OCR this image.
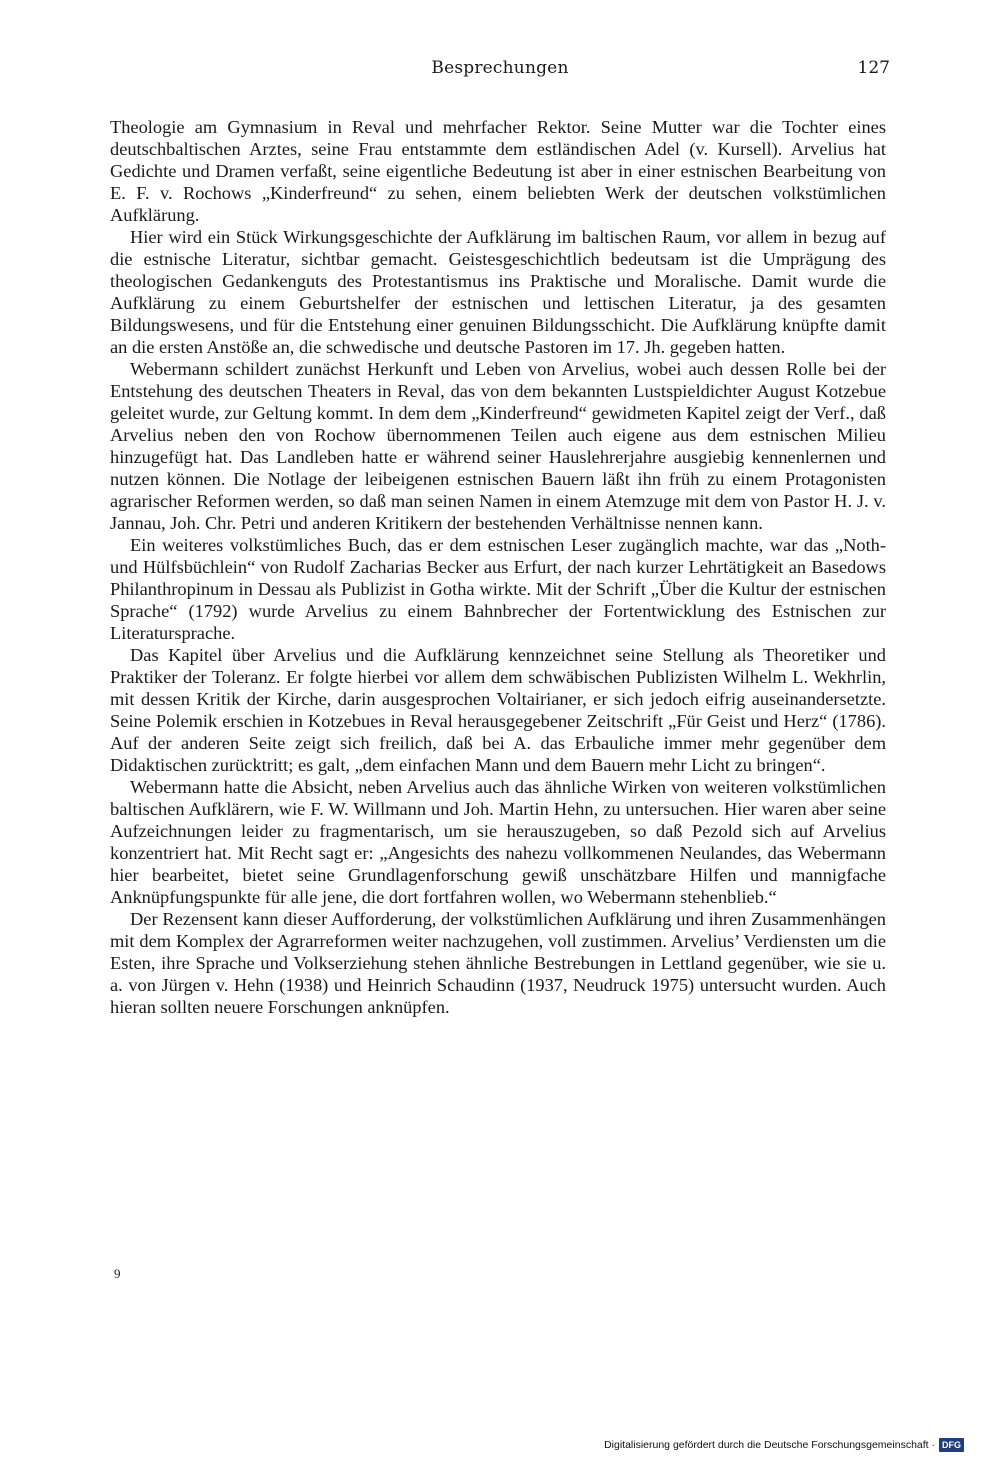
Besprechungen	127

Theologie am Gymnasium in Reval und mehrfacher Rektor. Seine Mutter war die Tochter eines deutschbaltischen Arztes, seine Frau entstammte dem estländischen Adel (v. Kursell). Arvelius hat Gedichte und Dramen verfaßt, seine eigentliche Bedeutung ist aber in einer estnischen Bearbeitung von E. F. v. Rochows „Kinderfreund“ zu sehen, einem beliebten Werk der deutschen volkstümlichen Aufklärung.

Hier wird ein Stück Wirkungsgeschichte der Aufklärung im baltischen Raum, vor allem in bezug auf die estnische Literatur, sichtbar gemacht. Geistesgeschichtlich bedeutsam ist die Umprägung des theologischen Gedankenguts des Protestantismus ins Praktische und Moralische. Damit wurde die Aufklärung zu einem Geburtshelfer der estnischen und lettischen Literatur, ja des gesamten Bildungswesens, und für die Entstehung einer genuinen Bildungsschicht. Die Aufklärung knüpfte damit an die ersten Anstöße an, die schwedische und deutsche Pastoren im 17. Jh. gegeben hatten.

Webermann schildert zunächst Herkunft und Leben von Arvelius, wobei auch dessen Rolle bei der Entstehung des deutschen Theaters in Reval, das von dem bekannten Lustspieldichter August Kotzebue geleitet wurde, zur Geltung kommt. In dem dem „Kinderfreund“ gewidmeten Kapitel zeigt der Verf., daß Arvelius neben den von Rochow übernommenen Teilen auch eigene aus dem estnischen Milieu hinzugefügt hat. Das Landleben hatte er während seiner Hauslehrerjahre ausgiebig kennenlernen und nutzen können. Die Notlage der leibeigenen estnischen Bauern läßt ihn früh zu einem Protagonisten agrarischer Reformen werden, so daß man seinen Namen in einem Atemzuge mit dem von Pastor H. J. v. Jannau, Joh. Chr. Petri und anderen Kritikern der bestehenden Verhältnisse nennen kann.

Ein weiteres volkstümliches Buch, das er dem estnischen Leser zugänglich machte, war das „Noth-und Hülfsbüchlein“ von Rudolf Zacharias Becker aus Erfurt, der nach kurzer Lehrtätigkeit an Basedows Philanthropinum in Dessau als Publizist in Gotha wirkte. Mit der Schrift „Über die Kultur der estnischen Sprache“ (1792) wurde Arvelius zu einem Bahnbrecher der Fortentwicklung des Estnischen zur Literatursprache.

Das Kapitel über Arvelius und die Aufklärung kennzeichnet seine Stellung als Theoretiker und Praktiker der Toleranz. Er folgte hierbei vor allem dem schwäbischen Publizisten Wilhelm L. Wekhrlin, mit dessen Kritik der Kirche, darin ausgesprochen Voltairianer, er sich jedoch eifrig auseinandersetzte. Seine Polemik erschien in Kotzebues in Reval herausgegebener Zeitschrift „Für Geist und Herz“ (1786). Auf der anderen Seite zeigt sich freilich, daß bei A. das Erbauliche immer mehr gegenüber dem Didaktischen zurücktritt; es galt, „dem einfachen Mann und dem Bauern mehr Licht zu bringen“.

Webermann hatte die Absicht, neben Arvelius auch das ähnliche Wirken von weiteren volkstümlichen baltischen Aufklärern, wie F. W. Willmann und Joh. Martin Hehn, zu untersuchen. Hier waren aber seine Aufzeichnungen leider zu fragmentarisch, um sie herauszugeben, so daß Pezold sich auf Arvelius konzentriert hat. Mit Recht sagt er: „Angesichts des nahezu vollkommenen Neulandes, das Webermann hier bearbeitet, bietet seine Grundlagenforschung gewiß unschätzbare Hilfen und mannigfache Anknüpfungspunkte für alle jene, die dort fortfahren wollen, wo Webermann stehenblieb.“

Der Rezensent kann dieser Aufforderung, der volkstümlichen Aufklärung und ihren Zusammenhängen mit dem Komplex der Agrarreformen weiter nachzugehen, voll zustimmen. Arvelius’ Verdiensten um die Esten, ihre Sprache und Volkserziehung stehen ähnliche Bestrebungen in Lettland gegenüber, wie sie u. a. von Jürgen v. Hehn (1938) und Heinrich Schaudinn (1937, Neudruck 1975) untersucht wurden. Auch hieran sollten neuere Forschungen anknüpfen.

9
Digitalisierung gefördert durch die Deutsche Forschungsgemeinschaft · DFG
